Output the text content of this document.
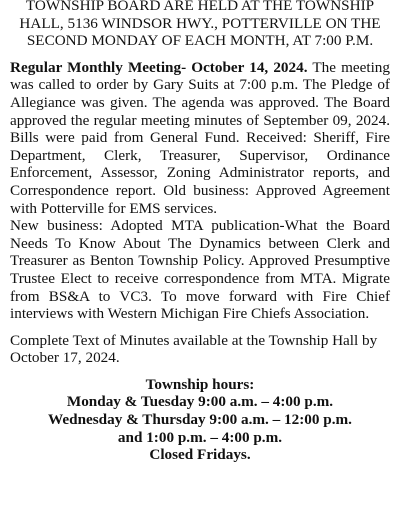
TOWNSHIP BOARD ARE HELD AT THE TOWNSHIP
HALL, 5136 WINDSOR HWY., POTTERVILLE ON THE
SECOND MONDAY OF EACH MONTH, AT 7:00 P.M.

Regular Monthly Meeting- October 14, 2024. The meeting was called to order by Gary Suits at 7:00 p.m. The Pledge of Allegiance was given. The agenda was approved. The Board approved the regular meeting minutes of September 09, 2024. Bills were paid from General Fund. Received: Sheriff, Fire Department, Clerk, Treasurer, Supervisor, Ordinance Enforcement, Assessor, Zoning Administrator reports, and Correspondence report. Old business: Approved Agreement with Potterville for EMS services.

New business: Adopted MTA publication-What the Board Needs To Know About The Dynamics between Clerk and Treasurer as Benton Township Policy. Approved Presumptive Trustee Elect to receive correspondence from MTA. Migrate from BS&A to VC3. To move forward with Fire Chief interviews with Western Michigan Fire Chiefs Association.

Complete Text of Minutes available at the Township Hall by October 17, 2024.

Township hours:
Monday & Tuesday 9:00 a.m. – 4:00 p.m.
Wednesday & Thursday 9:00 a.m. – 12:00 p.m.
and 1:00 p.m. – 4:00 p.m.
Closed Fridays.
